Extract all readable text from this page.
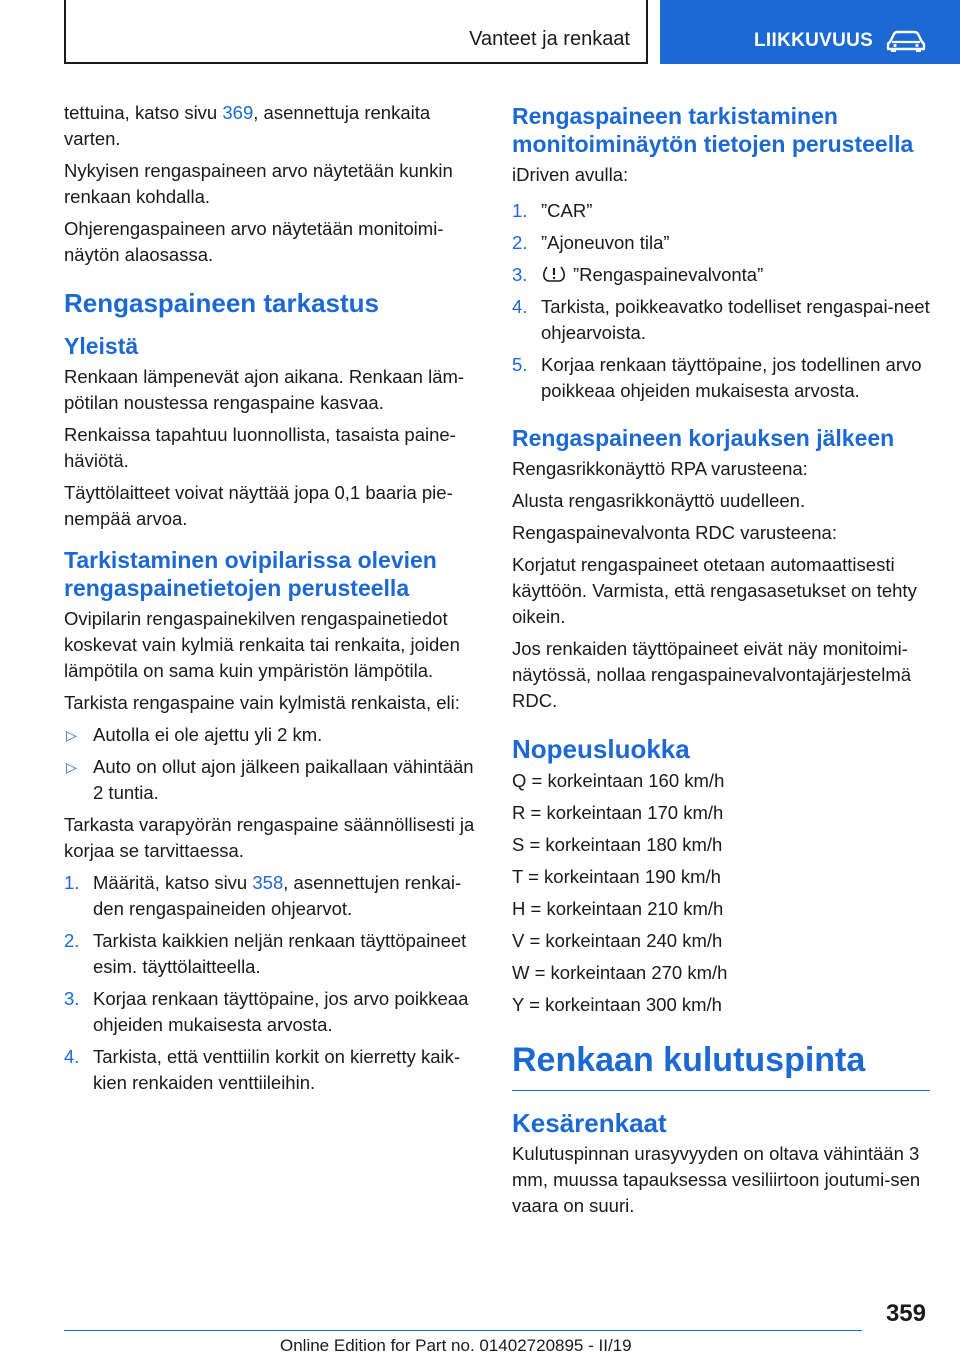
Vanteet ja renkaat	LIIKKUVUUS

tettuina, katso sivu 369, asennettuja renkaita varten.

Nykyisen rengaspaineen arvo näytetään kunkin renkaan kohdalla.

Ohjerengaspaineen arvo näytetään monitoimi-näytön alaosassa.

Rengaspaineen tarkastus
Yleistä

Renkaan lämpenevät ajon aikana. Renkaan läm-pötilan noustessa rengaspaine kasvaa.

Renkaissa tapahtuu luonnollista, tasaista paine-häviötä.

Täyttölaitteet voivat näyttää jopa 0,1 baaria pie-nempää arvoa.

Tarkistaminen ovipilarissa olevien rengaspainetietojen perusteella

Ovipilarin rengaspainekilven rengaspainetiedot koskevat vain kylmiä renkaita tai renkaita, joiden lämpötila on sama kuin ympäristön lämpötila.

Tarkista rengaspaine vain kylmistä renkaista, eli:

▷ Autolla ei ole ajettu yli 2 km.
▷ Auto on ollut ajon jälkeen paikallaan vähintään 2 tuntia.

Tarkasta varapyörän rengaspaine säännöllisesti ja korjaa se tarvittaessa.

1. Määritä, katso sivu 358, asennettujen renkai-den rengaspaineiden ohjearvot.
2. Tarkista kaikkien neljän renkaan täyttöpaineet esim. täyttölaitteella.
3. Korjaa renkaan täyttöpaine, jos arvo poikkeaa ohjeiden mukaisesta arvosta.
4. Tarkista, että venttiilin korkit on kierretty kaik-kien renkaiden venttiileihin.
Rengaspaineen tarkistaminen monitoiminäytön tietojen perusteella

iDriven avulla:

1. ”CAR”
2. ”Ajoneuvon tila”
3. ”Rengaspainevalvonta”
4. Tarkista, poikkeavatko todelliset rengaspai-neet ohjearvoista.
5. Korjaa renkaan täyttöpaine, jos todellinen arvo poikkeaa ohjeiden mukaisesta arvosta.
Rengaspaineen korjauksen jälkeen

Rengasrikkonäyttö RPA varusteena:

Alusta rengasrikkonäyttö uudelleen.

Rengaspainevalvonta RDC varusteena:

Korjatut rengaspaineet otetaan automaattisesti käyttöön. Varmista, että rengasasetukset on tehty oikein.

Jos renkaiden täyttöpaineet eivät näy monitoimi-näytössä, nollaa rengaspainevalvontajärjestelmä RDC.

Nopeusluokka

Q = korkeintaan 160 km/h

R = korkeintaan 170 km/h

S = korkeintaan 180 km/h

T = korkeintaan 190 km/h

H = korkeintaan 210 km/h

V = korkeintaan 240 km/h

W = korkeintaan 270 km/h

Y = korkeintaan 300 km/h

Renkaan kulutuspinta
Kesärenkaat

Kulutuspinnan urasyvyyden on oltava vähintään 3 mm, muussa tapauksessa vesiliirtoon joutumi-sen vaara on suuri.

359
Online Edition for Part no. 01402720895 - II/19
